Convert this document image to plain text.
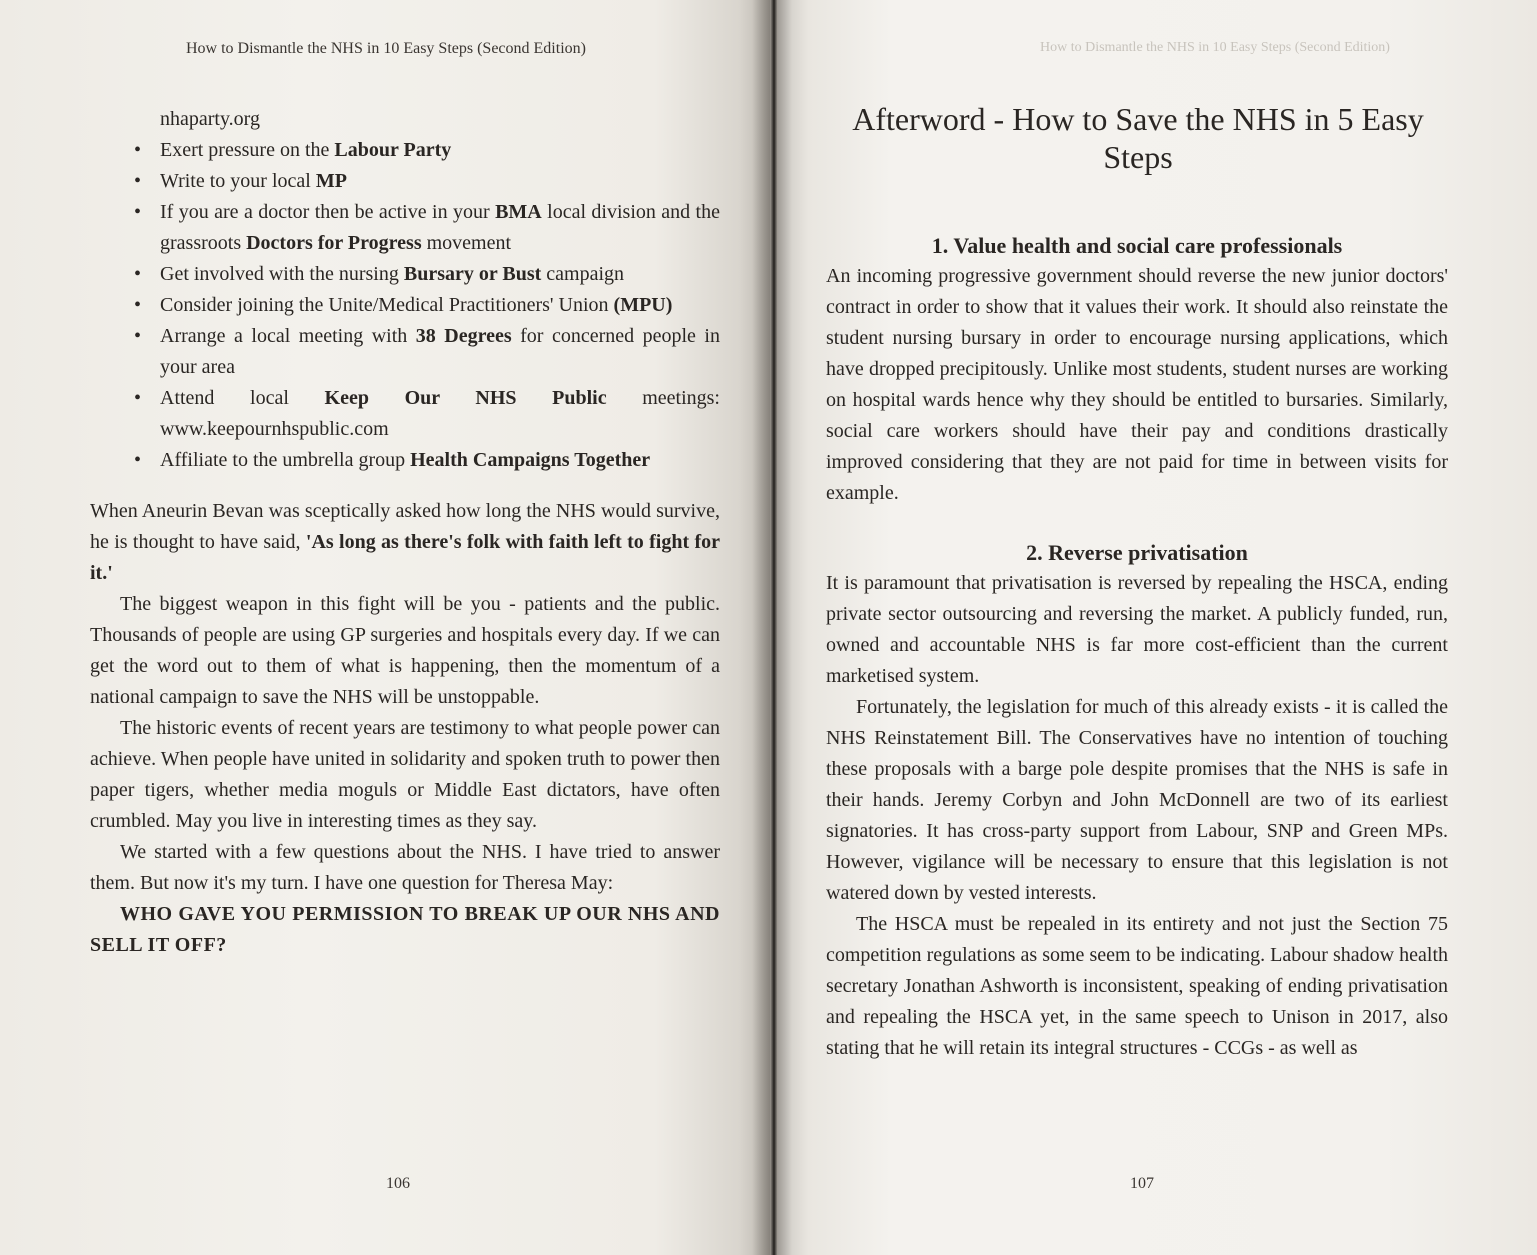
How to Dismantle the NHS in 10 Easy Steps (Second Edition)
nhaparty.org
• Exert pressure on the Labour Party
• Write to your local MP
• If you are a doctor then be active in your BMA local division and the grassroots Doctors for Progress movement
• Get involved with the nursing Bursary or Bust campaign
• Consider joining the Unite/Medical Practitioners' Union (MPU)
• Arrange a local meeting with 38 Degrees for concerned people in your area
• Attend local Keep Our NHS Public meetings: www.keepournhspublic.com
• Affiliate to the umbrella group Health Campaigns Together

When Aneurin Bevan was sceptically asked how long the NHS would survive, he is thought to have said, 'As long as there's folk with faith left to fight for it.'

The biggest weapon in this fight will be you - patients and the public. Thousands of people are using GP surgeries and hospitals every day. If we can get the word out to them of what is happening, then the momentum of a national campaign to save the NHS will be unstoppable.

The historic events of recent years are testimony to what people power can achieve. When people have united in solidarity and spoken truth to power then paper tigers, whether media moguls or Middle East dictators, have often crumbled. May you live in interesting times as they say.

We started with a few questions about the NHS. I have tried to answer them. But now it's my turn. I have one question for Theresa May:

WHO GAVE YOU PERMISSION TO BREAK UP OUR NHS AND SELL IT OFF?

106
How to Dismantle the NHS in 10 Easy Steps (Second Edition)
Afterword - How to Save the NHS in 5 Easy Steps
1. Value health and social care professionals

An incoming progressive government should reverse the new junior doctors' contract in order to show that it values their work. It should also reinstate the student nursing bursary in order to encourage nursing applications, which have dropped precipitously. Unlike most students, student nurses are working on hospital wards hence why they should be entitled to bursaries. Similarly, social care workers should have their pay and conditions drastically improved considering that they are not paid for time in between visits for example.

2. Reverse privatisation

It is paramount that privatisation is reversed by repealing the HSCA, ending private sector outsourcing and reversing the market. A publicly funded, run, owned and accountable NHS is far more cost-efficient than the current marketised system.

Fortunately, the legislation for much of this already exists - it is called the NHS Reinstatement Bill. The Conservatives have no intention of touching these proposals with a barge pole despite promises that the NHS is safe in their hands. Jeremy Corbyn and John McDonnell are two of its earliest signatories. It has cross-party support from Labour, SNP and Green MPs. However, vigilance will be necessary to ensure that this legislation is not watered down by vested interests.

The HSCA must be repealed in its entirety and not just the Section 75 competition regulations as some seem to be indicating. Labour shadow health secretary Jonathan Ashworth is inconsistent, speaking of ending privatisation and repealing the HSCA yet, in the same speech to Unison in 2017, also stating that he will retain its integral structures - CCGs - as well as

107
